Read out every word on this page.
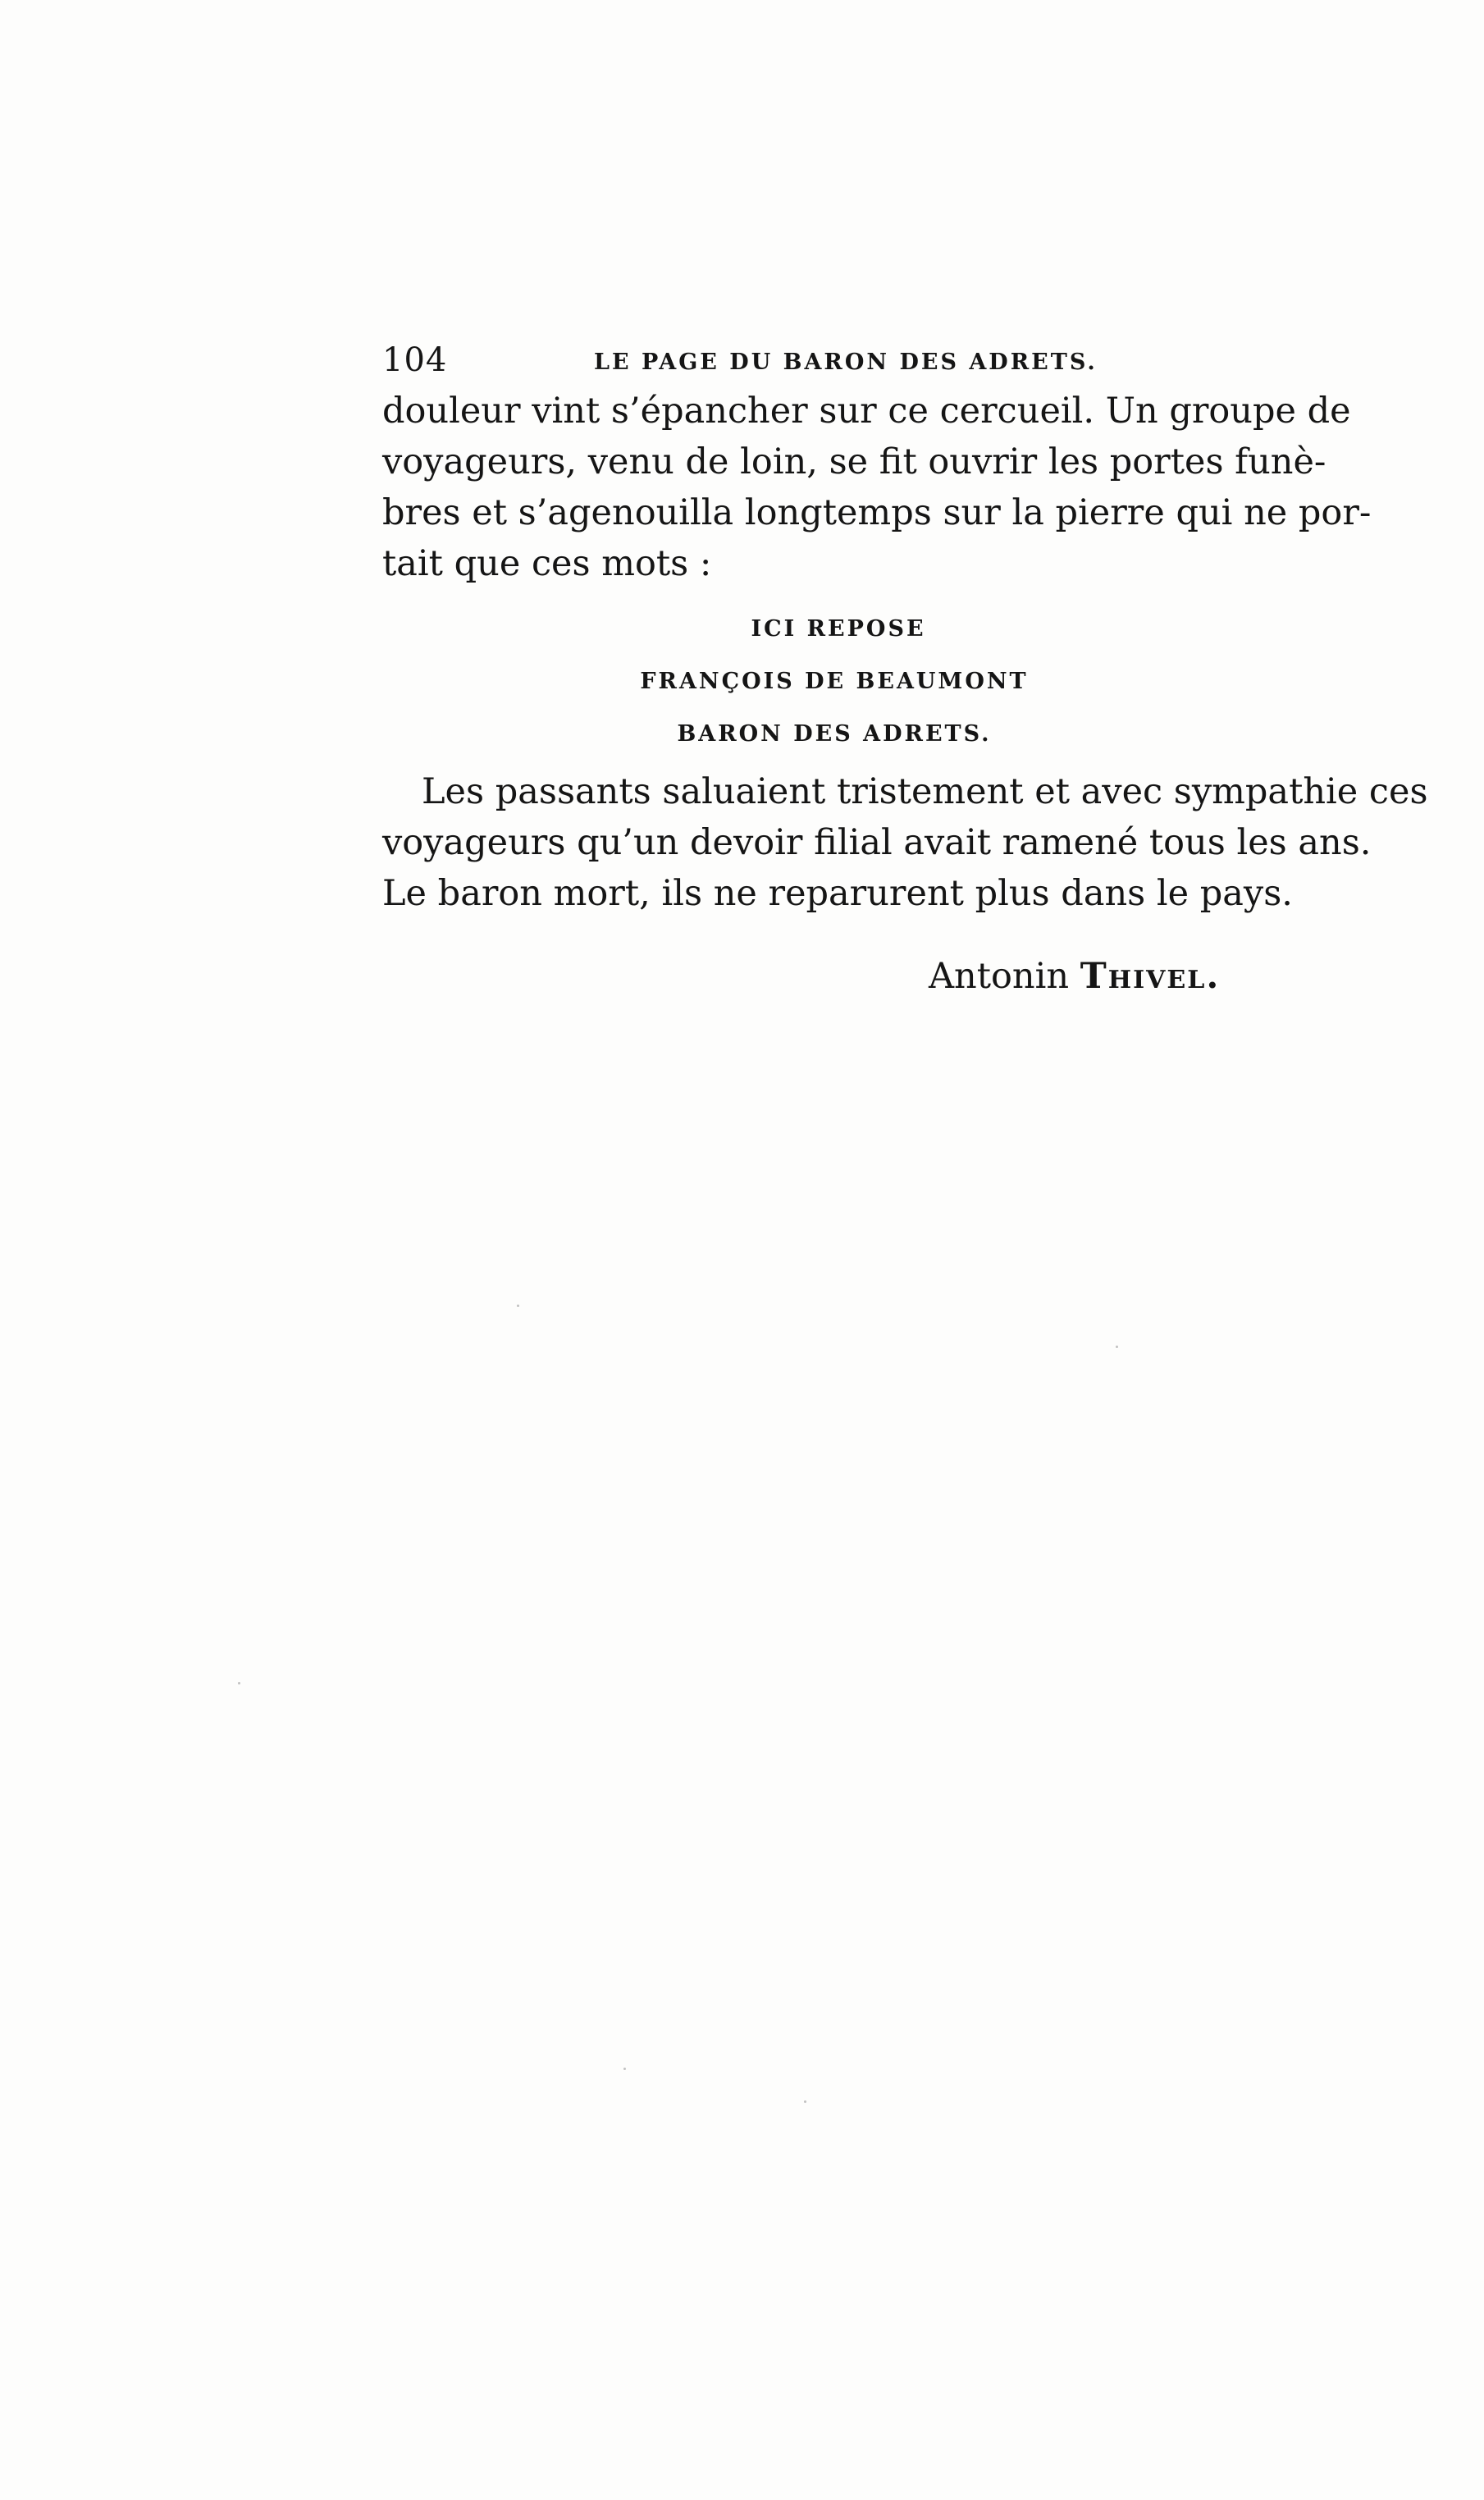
104	LE PAGE DU BARON DES ADRETS.
douleur vint s’épancher sur ce cercueil. Un groupe de
voyageurs, venu de loin, se fit ouvrir les portes funè-
bres et s’agenouilla longtemps sur la pierre qui ne por-
tait que ces mots :
ICI REPOSE
FRANÇOIS DE BEAUMONT
BARON DES ADRETS.
Les passants saluaient tristement et avec sympathie ces
voyageurs qu’un devoir filial avait ramené tous les ans.
Le baron mort, ils ne reparurent plus dans le pays.
Antonin Thivel.
